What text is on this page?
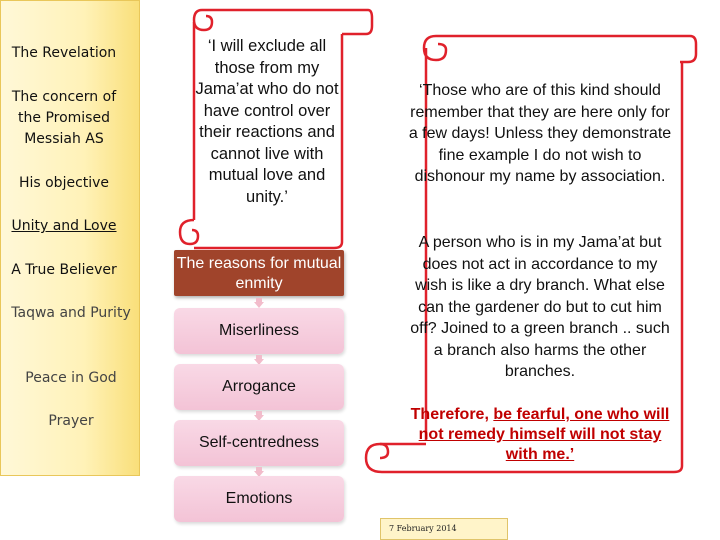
The Revelation
The concern of the Promised Messiah AS
His objective
Unity and Love
A True Believer
Taqwa and Purity
Peace in God
Prayer
‘I will exclude all those from my Jama’at who do not have control over their reactions and cannot live with mutual love and unity.’
The reasons for mutual enmity
Miserliness
Arrogance
Self-centredness
Emotions
‘Those who are of this kind should remember that they are here only for a few days! Unless they demonstrate fine example I do not wish to dishonour my name by association.
A person who is in my Jama’at but does not act in accordance to my wish is like a dry branch. What else can the gardener do but to cut him off? Joined to a green branch .. such a branch also harms the other branches.
Therefore, be fearful, one who will not remedy himself will not stay with me.’
7 February 2014
